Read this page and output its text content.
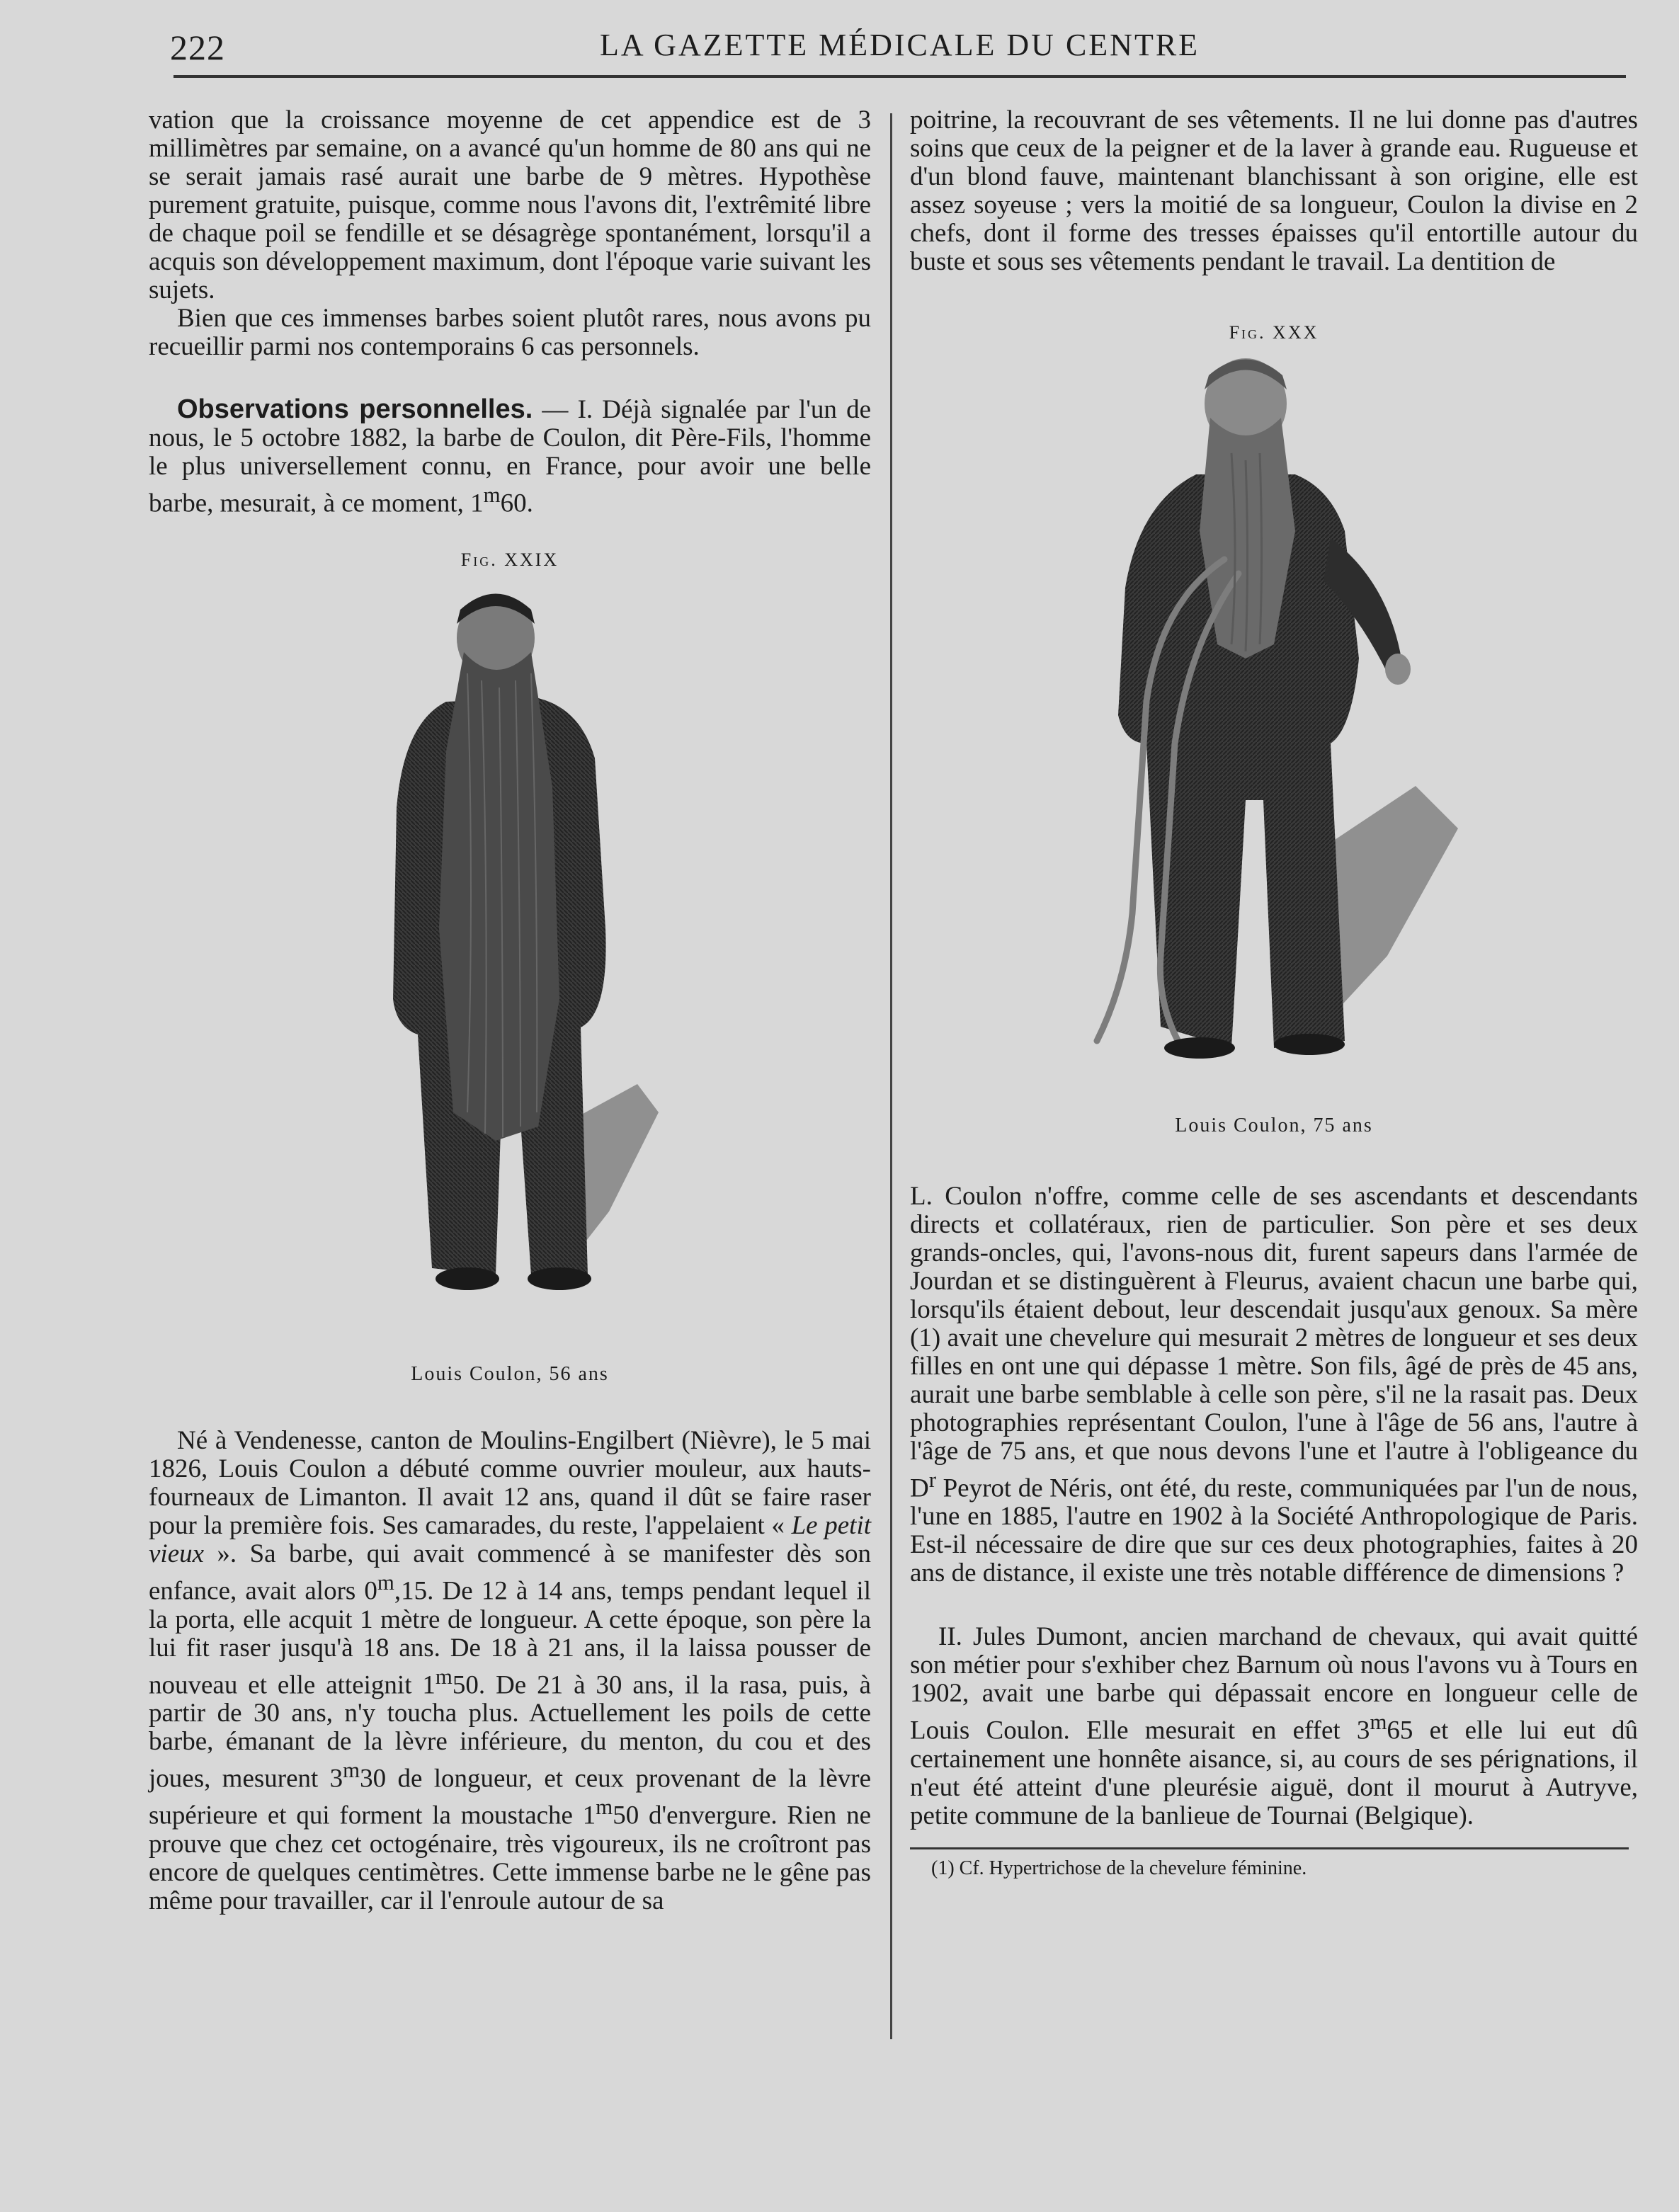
222	LA GAZETTE MÉDICALE DU CENTRE

vation que la croissance moyenne de cet appendice est de 3 millimètres par semaine, on a avancé qu'un homme de 80 ans qui ne se serait jamais rasé aurait une barbe de 9 mètres. Hypothèse purement gratuite, puisque, comme nous l'avons dit, l'extrêmité libre de chaque poil se fendille et se désagrège spontanément, lorsqu'il a acquis son développement maximum, dont l'époque varie suivant les sujets.

Bien que ces immenses barbes soient plutôt rares, nous avons pu recueillir parmi nos contemporains 6 cas personnels.

Observations personnelles. — I. Déjà signalée par l'un de nous, le 5 octobre 1882, la barbe de Coulon, dit Père-Fils, l'homme le plus universellement connu, en France, pour avoir une belle barbe, mesurait, à ce moment, 1$^m$60.

Fig. XXIX

Louis Coulon, 56 ans

Né à Vendenesse, canton de Moulins-Engilbert (Nièvre), le 5 mai 1826, Louis Coulon a débuté comme ouvrier mouleur, aux hauts-fourneaux de Limanton. Il avait 12 ans, quand il dût se faire raser pour la première fois. Ses camarades, du reste, l'appelaient « Le petit vieux ». Sa barbe, qui avait commencé à se manifester dès son enfance, avait alors 0$^m$,15. De 12 à 14 ans, temps pendant lequel il la porta, elle acquit 1 mètre de longueur. A cette époque, son père la lui fit raser jusqu'à 18 ans. De 18 à 21 ans, il la laissa pousser de nouveau et elle atteignit 1$^m$50. De 21 à 30 ans, il la rasa, puis, à partir de 30 ans, n'y toucha plus. Actuellement les poils de cette barbe, émanant de la lèvre inférieure, du menton, du cou et des joues, mesurent 3$^m$30 de longueur, et ceux provenant de la lèvre supérieure et qui forment la moustache 1$^m$50 d'envergure. Rien ne prouve que chez cet octogénaire, très vigoureux, ils ne croîtront pas encore de quelques centimètres. Cette immense barbe ne le gêne pas même pour travailler, car il l'enroule autour de sa

poitrine, la recouvrant de ses vêtements. Il ne lui donne pas d'autres soins que ceux de la peigner et de la laver à grande eau. Rugueuse et d'un blond fauve, maintenant blanchissant à son origine, elle est assez soyeuse ; vers la moitié de sa longueur, Coulon la divise en 2 chefs, dont il forme des tresses épaisses qu'il entortille autour du buste et sous ses vêtements pendant le travail. La dentition de

Fig. XXX

Louis Coulon, 75 ans

L. Coulon n'offre, comme celle de ses ascendants et descendants directs et collatéraux, rien de particulier. Son père et ses deux grands-oncles, qui, l'avons-nous dit, furent sapeurs dans l'armée de Jourdan et se distinguèrent à Fleurus, avaient chacun une barbe qui, lorsqu'ils étaient debout, leur descendait jusqu'aux genoux. Sa mère (1) avait une chevelure qui mesurait 2 mètres de longueur et ses deux filles en ont une qui dépasse 1 mètre. Son fils, âgé de près de 45 ans, aurait une barbe semblable à celle son père, s'il ne la rasait pas. Deux photographies représentant Coulon, l'une à l'âge de 56 ans, l'autre à l'âge de 75 ans, et que nous devons l'une et l'autre à l'obligeance du $D^r$ Peyrot de Néris, ont été, du reste, communiquées par l'un de nous, l'une en 1885, l'autre en 1902 à la Société Anthropologique de Paris. Est-il nécessaire de dire que sur ces deux photographies, faites à 20 ans de distance, il existe une très notable différence de dimensions ?

II. Jules Dumont, ancien marchand de chevaux, qui avait quitté son métier pour s'exhiber chez Barnum où nous l'avons vu à Tours en 1902, avait une barbe qui dépassait encore en longueur celle de Louis Coulon. Elle mesurait en effet 3$^m$65 et elle lui eut dû certainement une honnête aisance, si, au cours de ses pérignations, il n'eut été atteint d'une pleurésie aiguë, dont il mourut à Autryve, petite commune de la banlieue de Tournai (Belgique).

(1) Cf. Hypertrichose de la chevelure féminine.
